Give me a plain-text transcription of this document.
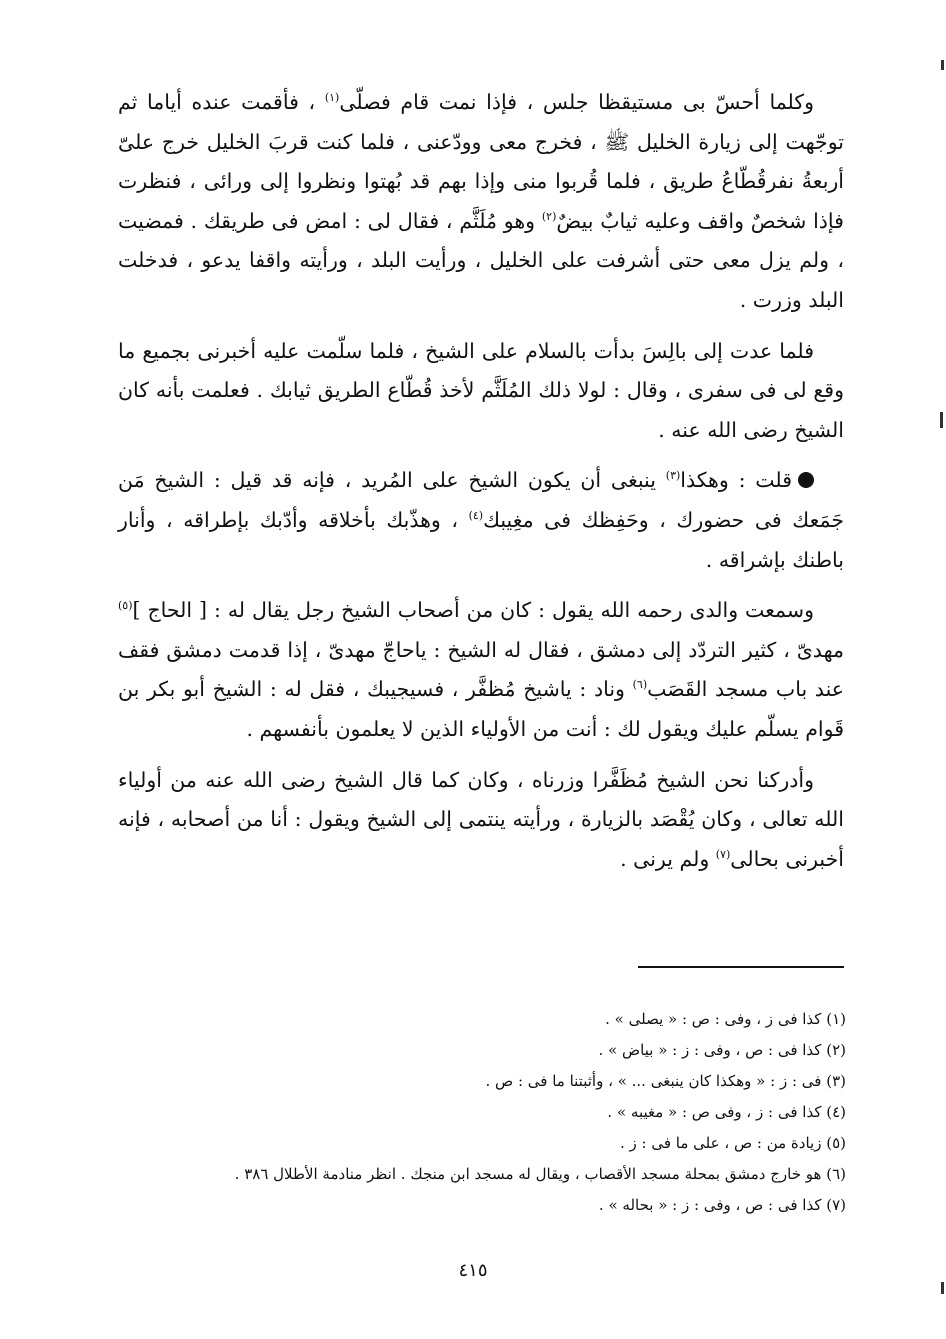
وكلما أحسّ بى مستيقظا جلس ، فإذا نمت قام فصلّى$^{(١)}$ ، فأقمت عنده أياما ثم توجّهت إلى زيارة الخليل ﷺ ، فخرج معى وودّعنى ، فلما كنت قربَ الخليل خرج علىّ أربعةُ نفرقُطّاعُ طريق ، فلما قُربوا منى وإذا بهم قد بُهتوا ونظروا إلى ورائى ، فنظرت فإذا شخصٌ واقف وعليه ثيابٌ بيضٌ$^{(٢)}$ وهو مُلَثَّم ، فقال لى : امض فى طريقك . فمضيت ، ولم يزل معى حتى أشرفت على الخليل ، ورأيت البلد ، ورأيته واقفا يدعو ، فدخلت البلد وزرت .

فلما عدت إلى بالِسَ بدأت بالسلام على الشيخ ، فلما سلّمت عليه أخبرنى بجميع ما وقع لى فى سفرى ، وقال : لولا ذلك المُلَثَّم لأخذ قُطّاع الطريق ثيابك . فعلمت بأنه كان الشيخ رضى الله عنه .

قلت : وهكذا$^{(٣)}$ ينبغى أن يكون الشيخ على المُريد ، فإنه قد قيل : الشيخ مَن جَمَعك فى حضورك ، وحَفِظك فى مغِيبك$^{(٤)}$ ، وهذّبك بأخلاقه وأدّبك بإطراقه ، وأنار باطنك بإشراقه .

وسمعت والدى رحمه الله يقول : كان من أصحاب الشيخ رجل يقال له : [ الحاج ]$^{(٥)}$ مهدىّ ، كثير التردّد إلى دمشق ، فقال له الشيخ : ياحاجّ مهدىّ ، إذا قدمت دمشق فقف عند باب مسجد القَصَب$^{(٦)}$ وناد : ياشيخ مُظفَّر ، فسيجيبك ، فقل له : الشيخ أبو بكر بن قَوام يسلّم عليك ويقول لك : أنت من الأولياء الذين لا يعلمون بأنفسهم .

وأدركنا نحن الشيخ مُظَفَّرا وزرناه ، وكان كما قال الشيخ رضى الله عنه من أولياء الله تعالى ، وكان يُقْصَد بالزيارة ، ورأيته ينتمى إلى الشيخ ويقول : أنا من أصحابه ، فإنه أخبرنى بحالى$^{(٧)}$ ولم يرنى .

(١) كذا فى ز ، وفى : ص : « يصلى » .
(٢) كذا فى : ص ، وفى : ز : « بياض » .
(٣) فى : ز : « وهكذا كان ينبغى ... » ، وأثبتنا ما فى : ص .
(٤) كذا فى : ز ، وفى ص : « مغيبه » .
(٥) زيادة من : ص ، على ما فى : ز .
(٦) هو خارج دمشق بمحلة مسجد الأقصاب ، ويقال له مسجد ابن منجك . انظر منادمة الأطلال ٣٨٦ .
(٧) كذا فى : ص ، وفى : ز : « بحاله » .
٤١٥
